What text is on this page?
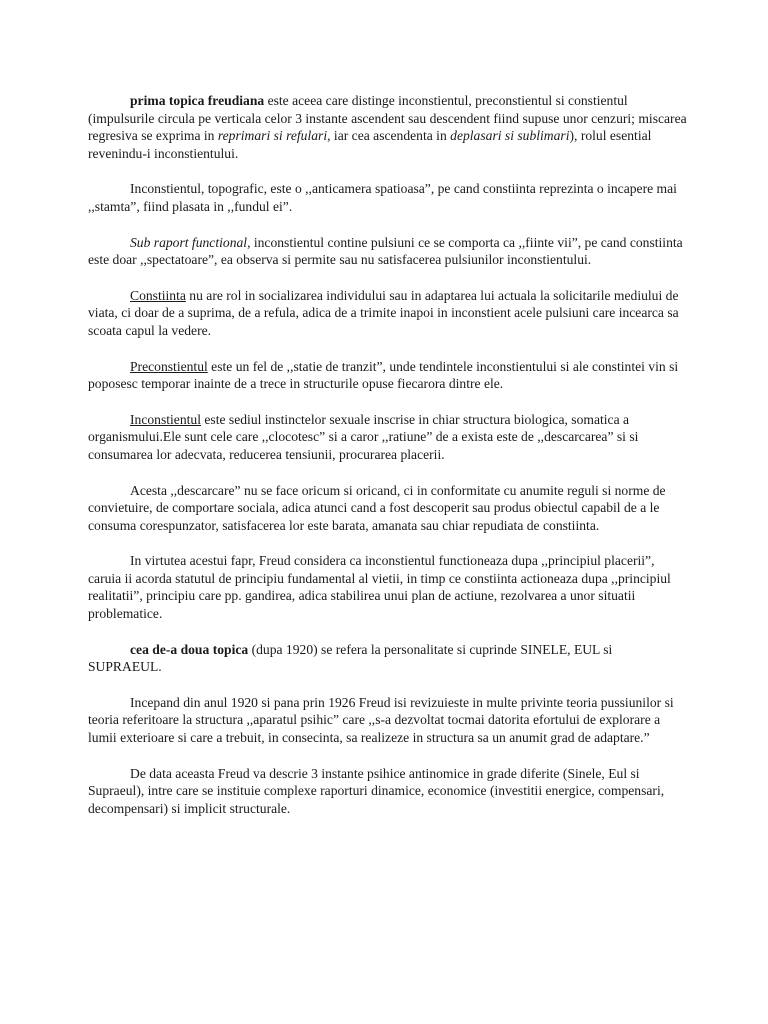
prima topica freudiana este aceea care distinge inconstientul, preconstientul si constientul (impulsurile circula pe verticala celor 3 instante ascendent sau descendent fiind supuse unor cenzuri; miscarea regresiva se exprima in reprimari si refulari, iar cea ascendenta in deplasari si sublimari), rolul esential revenindu-i inconstientului.

Inconstientul, topografic, este o ,,anticamera spatioasa”, pe cand constiinta reprezinta o incapere mai ,,stamta”, fiind plasata in ,,fundul ei”.

Sub raport functional, inconstientul contine pulsiuni ce se comporta ca ,,fiinte vii”, pe cand constiinta este doar ,,spectatoare”, ea observa si permite sau nu satisfacerea pulsiunilor inconstientului.

Constiinta nu are rol in socializarea individului sau in adaptarea lui actuala la solicitarile mediului de viata, ci doar de a suprima, de a refula, adica de a trimite inapoi in inconstient acele pulsiuni care incearca sa scoata capul la vedere.

Preconstientul este un fel de ,,statie de tranzit”, unde tendintele inconstientului si ale constintei vin si poposesc temporar inainte de a trece in structurile opuse fiecarora dintre ele.

Inconstientul este sediul instinctelor sexuale inscrise in chiar structura biologica, somatica a organismului.Ele sunt cele care ,,clocotesc” si a caror ,,ratiune” de a exista este de ,,descarcarea” si si consumarea lor adecvata, reducerea tensiunii, procurarea placerii.

Acesta ,,descarcare” nu se face oricum si oricand, ci in conformitate cu anumite reguli si norme de convietuire, de comportare sociala, adica atunci cand a fost descoperit sau produs obiectul capabil de a le consuma corespunzator, satisfacerea lor este barata, amanata sau chiar repudiata de constiinta.

In virtutea acestui fapr, Freud considera ca inconstientul functioneaza dupa ,,principiul placerii”, caruia ii acorda statutul de principiu fundamental al vietii, in timp ce constiinta actioneaza dupa ,,principiul realitatii”, principiu care pp. gandirea, adica stabilirea unui plan de actiune, rezolvarea a unor situatii problematice.

cea de-a doua topica (dupa 1920) se refera la personalitate si cuprinde SINELE, EUL si SUPRAEUL.

Incepand din anul 1920 si pana prin 1926 Freud isi revizuieste in multe privinte teoria pussiunilor si teoria referitoare la structura ,,aparatul psihic” care ,,s-a dezvoltat tocmai datorita efortului de explorare a lumii exterioare si care a trebuit, in consecinta, sa realizeze in structura sa un anumit grad de adaptare.”

De data aceasta Freud va descrie 3 instante psihice antinomice in grade diferite (Sinele, Eul si Supraeul), intre care se instituie complexe raporturi dinamice, economice (investitii energice, compensari, decompensari) si implicit structurale.
